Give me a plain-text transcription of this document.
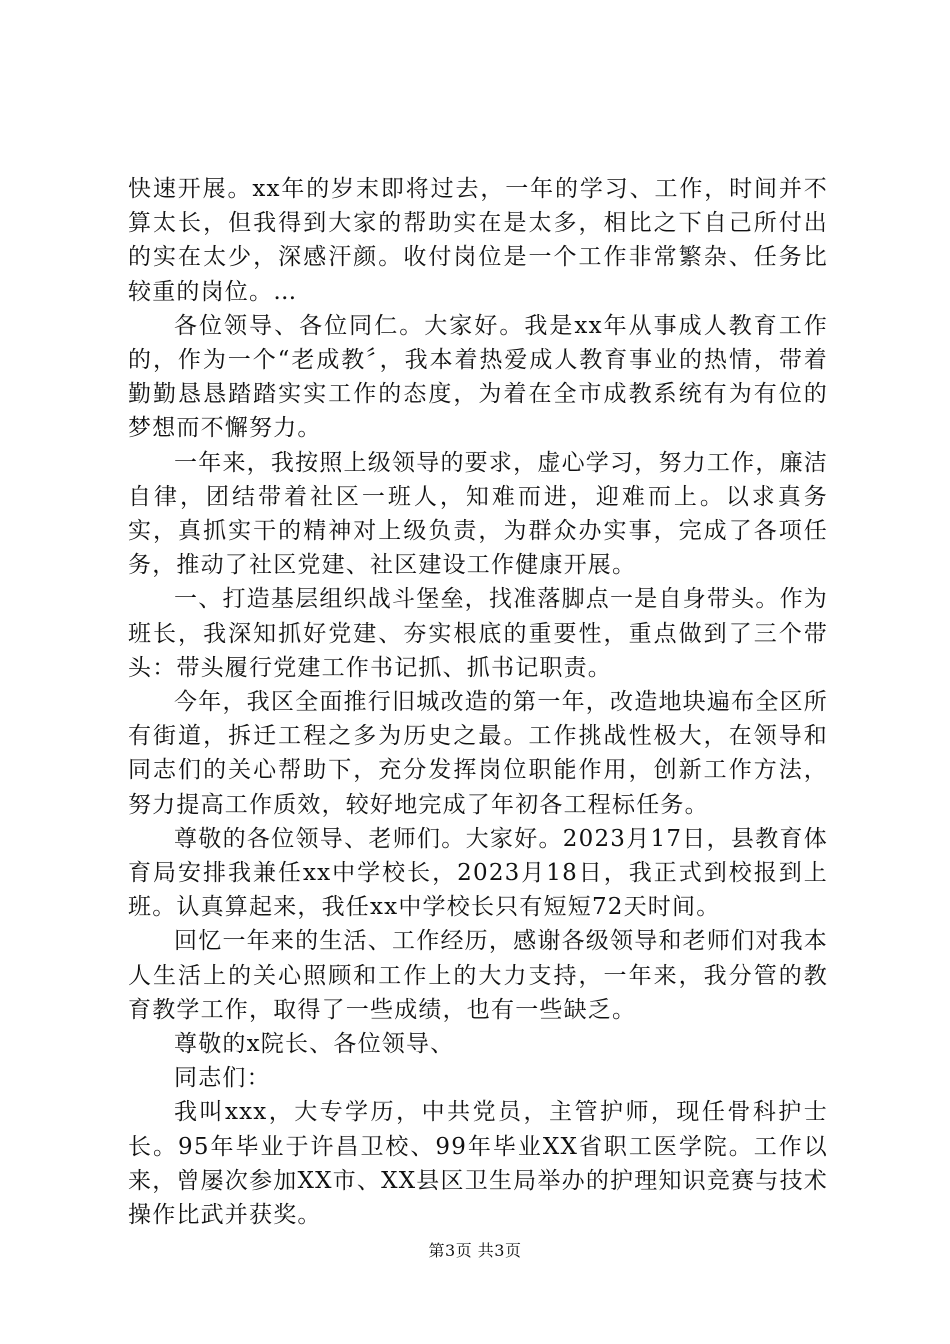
快速开展。xx年的岁末即将过去，一年的学习、工作，时间并不算太长，但我得到大家的帮助实在是太多，相比之下自己所付出的实在太少，深感汗颜。收付岗位是一个工作非常繁杂、任务比较重的岗位。…

各位领导、各位同仁。大家好。我是xx年从事成人教育工作的，作为一个“老成教〞，我本着热爱成人教育事业的热情，带着勤勤恳恳踏踏实实工作的态度，为着在全市成教系统有为有位的梦想而不懈努力。

一年来，我按照上级领导的要求，虚心学习，努力工作，廉洁自律，团结带着社区一班人，知难而进，迎难而上。以求真务实，真抓实干的精神对上级负责，为群众办实事，完成了各项任务，推动了社区党建、社区建设工作健康开展。

一、打造基层组织战斗堡垒，找准落脚点一是自身带头。作为班长，我深知抓好党建、夯实根底的重要性，重点做到了三个带头：带头履行党建工作书记抓、抓书记职责。

今年，我区全面推行旧城改造的第一年，改造地块遍布全区所有街道，拆迁工程之多为历史之最。工作挑战性极大，在领导和同志们的关心帮助下，充分发挥岗位职能作用，创新工作方法，努力提高工作质效，较好地完成了年初各工程标任务。

尊敬的各位领导、老师们。大家好。2023月17日，县教育体育局安排我兼任xx中学校长，2023月18日，我正式到校报到上班。认真算起来，我任xx中学校长只有短短72天时间。

回忆一年来的生活、工作经历，感谢各级领导和老师们对我本人生活上的关心照顾和工作上的大力支持，一年来，我分管的教育教学工作，取得了一些成绩，也有一些缺乏。

尊敬的x院长、各位领导、

同志们：

我叫xxx，大专学历，中共党员，主管护师，现任骨科护士长。95年毕业于许昌卫校、99年毕业XX省职工医学院。工作以来，曾屡次参加XX市、XX县区卫生局举办的护理知识竞赛与技术操作比武并获奖。

第3页 共3页
